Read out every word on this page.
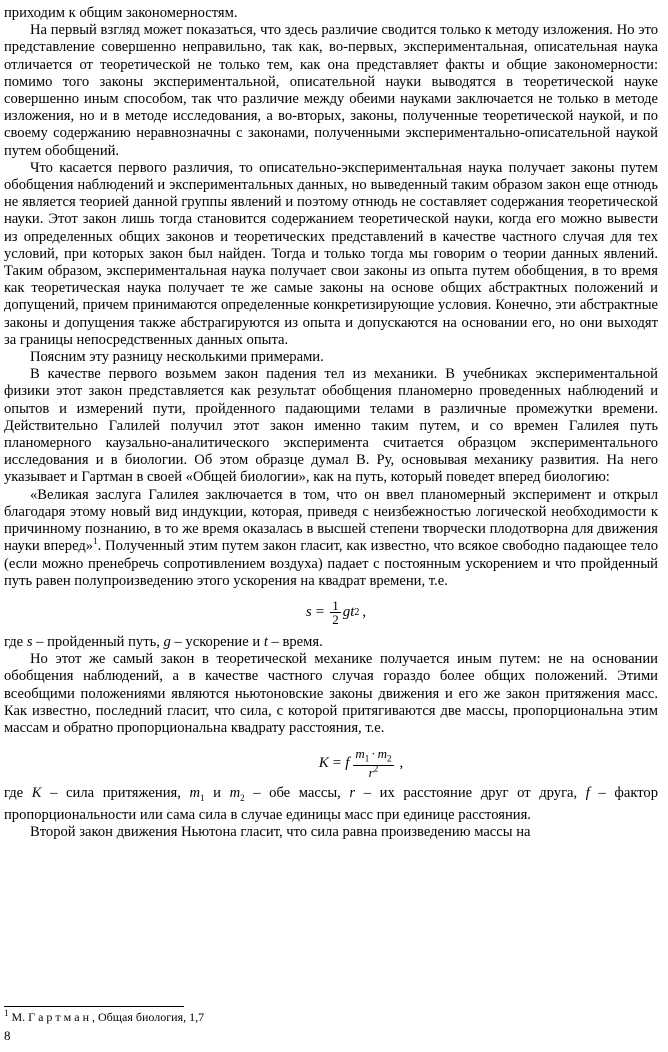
приходим к общим закономерностям.

На первый взгляд может показаться, что здесь различие сводится только к методу изложения. Но это представление совершенно неправильно, так как, во-первых, экспериментальная, описательная наука отличается от теоретической не только тем, как она представляет факты и общие закономерности: помимо того законы экспериментальной, описательной науки выводятся в теоретической науке совершенно иным способом, так что различие между обеими науками заключается не только в методе изложения, но и в методе исследования, а во-вторых, законы, полученные теоретической наукой, и по своему содержанию неравнозначны с законами, полученными экспериментально-описательной наукой путем обобщений.

Что касается первого различия, то описательно-экспериментальная наука получает законы путем обобщения наблюдений и экспериментальных данных, но выведенный таким образом закон еще отнюдь не является теорией данной группы явлений и поэтому отнюдь не составляет содержания теоретической науки. Этот закон лишь тогда становится содержанием теоретической науки, когда его можно вывести из определенных общих законов и теоретических представлений в качестве частного случая для тех условий, при которых закон был найден. Тогда и только тогда мы говорим о теории данных явлений. Таким образом, экспериментальная наука получает свои законы из опыта путем обобщения, в то время как теоретическая наука получает те же самые законы на основе общих абстрактных положений и допущений, причем принимаются определенные конкретизирующие условия. Конечно, эти абстрактные законы и допущения также абстрагируются из опыта и допускаются на основании его, но они выходят за границы непосредственных данных опыта.

Поясним эту разницу несколькими примерами.

В качестве первого возьмем закон падения тел из механики. В учебниках экспериментальной физики этот закон представляется как результат обобщения планомерно проведенных наблюдений и опытов и измерений пути, пройденного падающими телами в различные промежутки времени. Действительно Галилей получил этот закон именно таким путем, и со времен Галилея путь планомерного каузально-аналитического эксперимента считается образцом экспериментального исследования и в биологии. Об этом образце думал В. Ру, основывая механику развития. На него указывает и Гартман в своей «Общей биологии», как на путь, который поведет вперед биологию:

«Великая заслуга Галилея заключается в том, что он ввел планомерный эксперимент и открыл благодаря этому новый вид индукции, которая, приведя с неизбежностью логической необходимости к причинному познанию, в то же время оказалась в высшей степени творчески плодотворна для движения науки вперед»$^1$. Полученный этим путем закон гласит, как известно, что всякое свободно падающее тело (если можно пренебречь сопротивлением воздуха) падает с постоянным ускорением и что пройденный путь равен полупроизведению этого ускорения на квадрат времени, т.е.

$s = \frac{1}{2}$ gt 2 ,

где s – пройденный путь, g – ускорение и t – время.

Но этот же самый закон в теоретической механике получается иным путем: не на основании обобщения наблюдений, а в качестве частного случая гораздо более общих положений. Этими всеобщими положениями являются ньютоновские законы движения и его же закон притяжения масс. Как известно, последний гласит, что сила, с которой притягиваются две массы, пропорциональна этим массам и обратно пропорциональна квадрату расстояния, т.е.

K = f $\frac{m_1 \cdot m_2}{r^2}$ ,

где K – сила притяжения, $m_1$ и $m_2$ – обе массы, r – их расстояние друг от друга, f – фактор пропорциональности или сама сила в случае единицы масс при единице расстояния.

Второй закон движения Ньютона гласит, что сила равна произведению массы на

$^1$ М. Г а р т м а н , Общая биология, 1,7
8
